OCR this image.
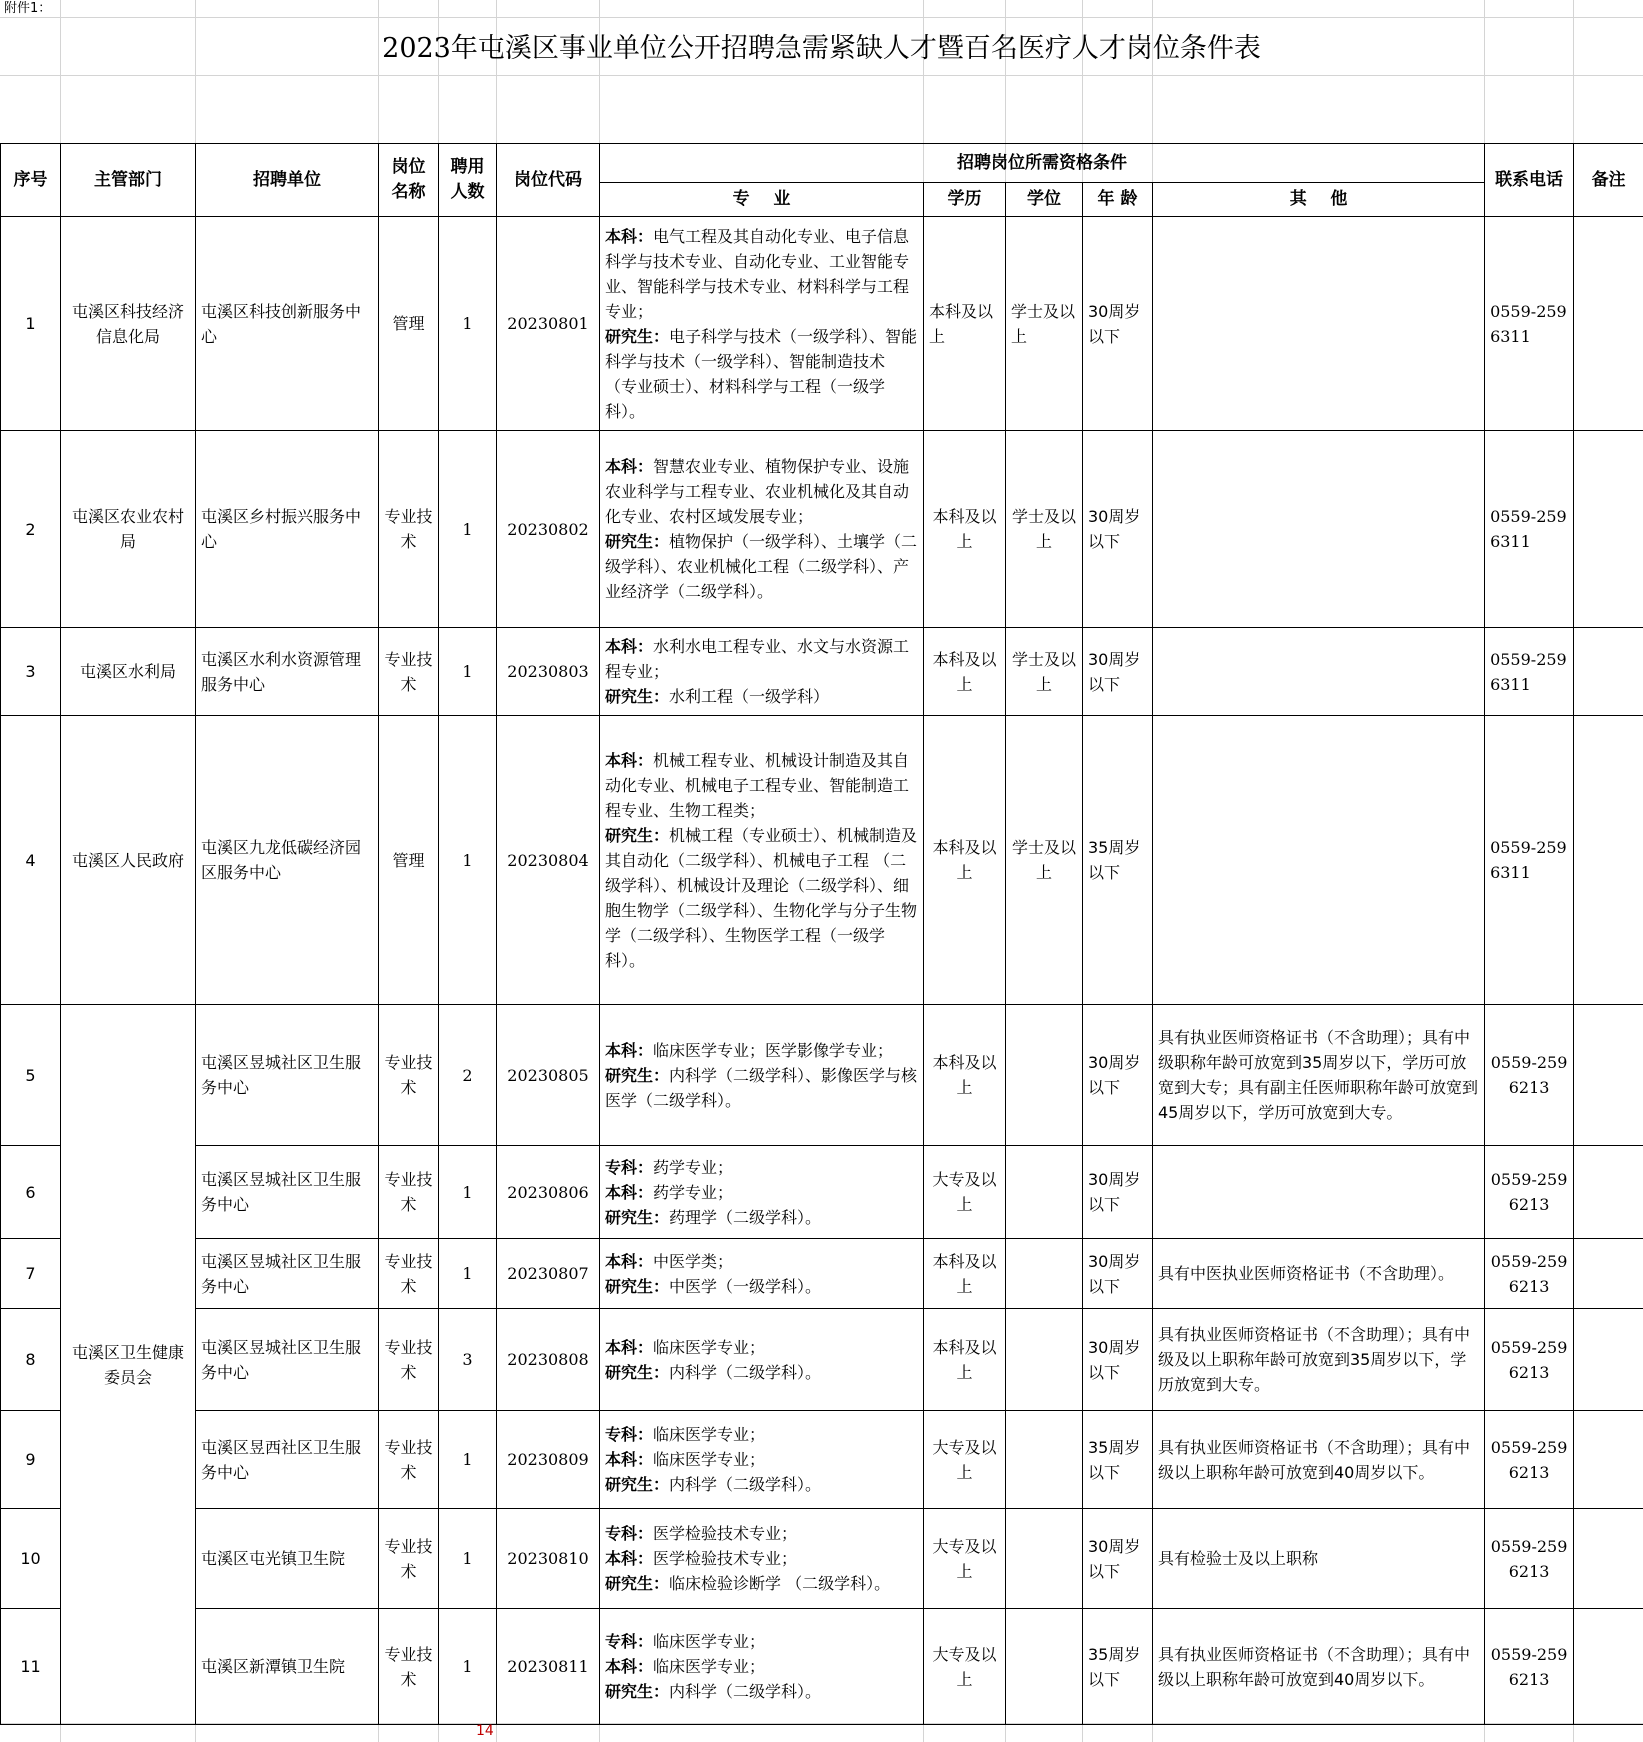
附件1：
2023年屯溪区事业单位公开招聘急需紧缺人才暨百名医疗人才岗位条件表
序号	主管部门	招聘单位	岗位名称	聘用人数	岗位代码	招聘岗位所需资格条件					联系电话	备注
						专    业	学历	学位	年 龄	其    他		
1	屯溪区科技经济信息化局	屯溪区科技创新服务中心	管理	1	20230801	本科：电气工程及其自动化专业、电子信息科学与技术专业、自动化专业、工业智能专业、智能科学与技术专业、材料科学与工程专业；
研究生：电子科学与技术（一级学科）、智能科学与技术（一级学科）、智能制造技术 （专业硕士）、材料科学与工程（一级学科）。	本科及以上	学士及以上	30周岁以下		0559-2596311	
2	屯溪区农业农村局	屯溪区乡村振兴服务中心	专业技术	1	20230802	本科：智慧农业专业、植物保护专业、设施农业科学与工程专业、农业机械化及其自动化专业、农村区域发展专业；
研究生：植物保护（一级学科）、土壤学（二级学科）、农业机械化工程（二级学科）、产业经济学（二级学科）。	本科及以上	学士及以上	30周岁以下		0559-2596311	
3	屯溪区水利局	屯溪区水利水资源管理服务中心	专业技术	1	20230803	本科：水利水电工程专业、水文与水资源工程专业；
研究生：水利工程（一级学科）	本科及以上	学士及以上	30周岁以下		0559-2596311	
4	屯溪区人民政府	屯溪区九龙低碳经济园区服务中心	管理	1	20230804	本科：机械工程专业、机械设计制造及其自动化专业、机械电子工程专业、智能制造工程专业、生物工程类；
研究生：机械工程（专业硕士）、机械制造及其自动化（二级学科）、机械电子工程 （二级学科）、机械设计及理论（二级学科）、细胞生物学（二级学科）、生物化学与分子生物学（二级学科）、生物医学工程（一级学科）。	本科及以上	学士及以上	35周岁以下		0559-2596311	
5	屯溪区卫生健康委员会	屯溪区昱城社区卫生服务中心	专业技术	2	20230805	本科：临床医学专业；医学影像学专业；
研究生：内科学（二级学科）、影像医学与核医学（二级学科）。	本科及以上		30周岁以下	具有执业医师资格证书（不含助理）；具有中级职称年龄可放宽到35周岁以下，学历可放宽到大专；具有副主任医师职称年龄可放宽到45周岁以下，学历可放宽到大专。	0559-2596213	
6		屯溪区昱城社区卫生服务中心	专业技术	1	20230806	专科：药学专业；
本科：药学专业；
研究生：药理学（二级学科）。	大专及以上		30周岁以下		0559-2596213	
7		屯溪区昱城社区卫生服务中心	专业技术	1	20230807	本科：中医学类；
研究生：中医学（一级学科）。	本科及以上		30周岁以下	具有中医执业医师资格证书（不含助理）。	0559-2596213	
8		屯溪区昱城社区卫生服务中心	专业技术	3	20230808	本科：临床医学专业；
研究生：内科学（二级学科）。	本科及以上		30周岁以下	具有执业医师资格证书（不含助理）；具有中级及以上职称年龄可放宽到35周岁以下，学历放宽到大专。	0559-2596213	
9		屯溪区昱西社区卫生服务中心	专业技术	1	20230809	专科：临床医学专业；
本科：临床医学专业；
研究生：内科学（二级学科）。	大专及以上		35周岁以下	具有执业医师资格证书（不含助理）；具有中级以上职称年龄可放宽到40周岁以下。	0559-2596213	
10		屯溪区屯光镇卫生院	专业技术	1	20230810	专科：医学检验技术专业；
本科：医学检验技术专业；
研究生：临床检验诊断学 （二级学科）。	大专及以上		30周岁以下	具有检验士及以上职称	0559-2596213	
11		屯溪区新潭镇卫生院	专业技术	1	20230811	专科：临床医学专业；
本科：临床医学专业；
研究生：内科学（二级学科）。	大专及以上		35周岁以下	具有执业医师资格证书（不含助理）；具有中级以上职称年龄可放宽到40周岁以下。	0559-2596213	
14
